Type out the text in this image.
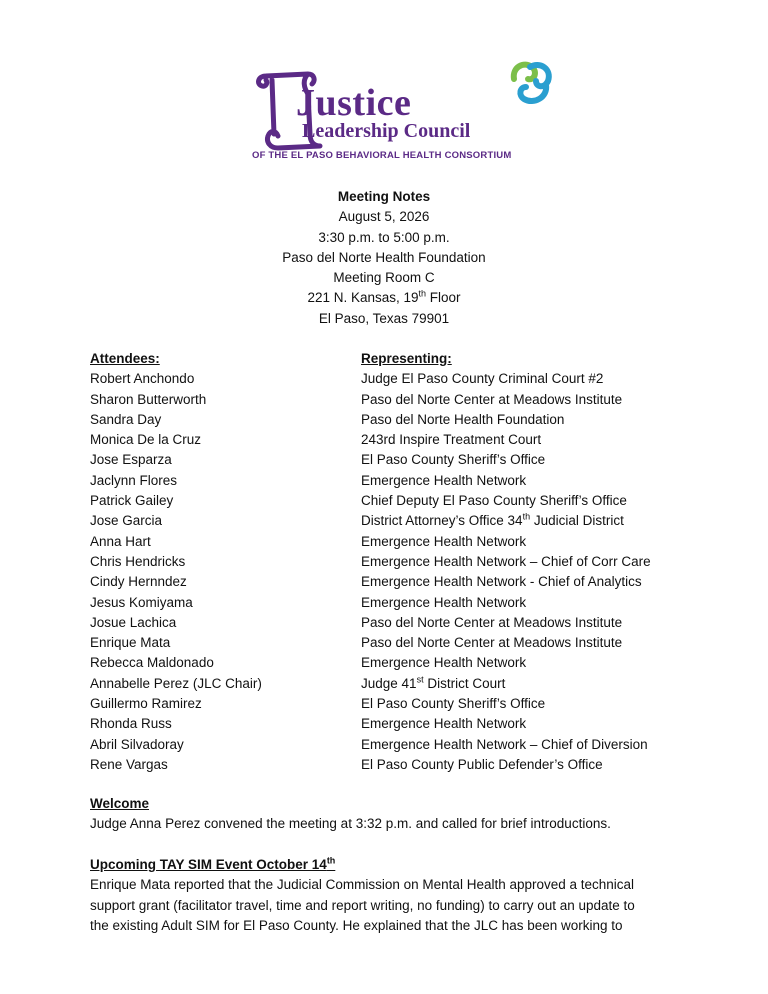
Justice
Leadership Council
OF THE EL PASO BEHAVIORAL HEALTH CONSORTIUM
Meeting Notes
August 5, 2026
3:30 p.m. to 5:00 p.m.
Paso del Norte Health Foundation
Meeting Room C
221 N. Kansas, 19th Floor
El Paso, Texas 79901
Attendees:	Representing:
Robert Anchondo	Judge El Paso County Criminal Court #2
Sharon Butterworth	Paso del Norte Center at Meadows Institute
Sandra Day	Paso del Norte Health Foundation
Monica De la Cruz	243rd Inspire Treatment Court
Jose Esparza	El Paso County Sheriff’s Office
Jaclynn Flores	Emergence Health Network
Patrick Gailey	Chief Deputy El Paso County Sheriff’s Office
Jose Garcia	District Attorney’s Office 34th Judicial District
Anna Hart	Emergence Health Network
Chris Hendricks	Emergence Health Network – Chief of Corr Care
Cindy Hernndez	Emergence Health Network - Chief of Analytics
Jesus Komiyama	Emergence Health Network
Josue Lachica	Paso del Norte Center at Meadows Institute
Enrique Mata	Paso del Norte Center at Meadows Institute
Rebecca Maldonado	Emergence Health Network
Annabelle Perez (JLC Chair)	Judge 41st District Court
Guillermo Ramirez	El Paso County Sheriff’s Office
Rhonda Russ	Emergence Health Network
Abril Silvadoray	Emergence Health Network – Chief of Diversion
Rene Vargas	El Paso County Public Defender’s Office
Welcome

Judge Anna Perez convened the meeting at 3:32 p.m. and called for brief introductions.

Upcoming TAY SIM Event October 14th

Enrique Mata reported that the Judicial Commission on Mental Health approved a technical
support grant (facilitator travel, time and report writing, no funding) to carry out an update to
the existing Adult SIM for El Paso County. He explained that the JLC has been working to
